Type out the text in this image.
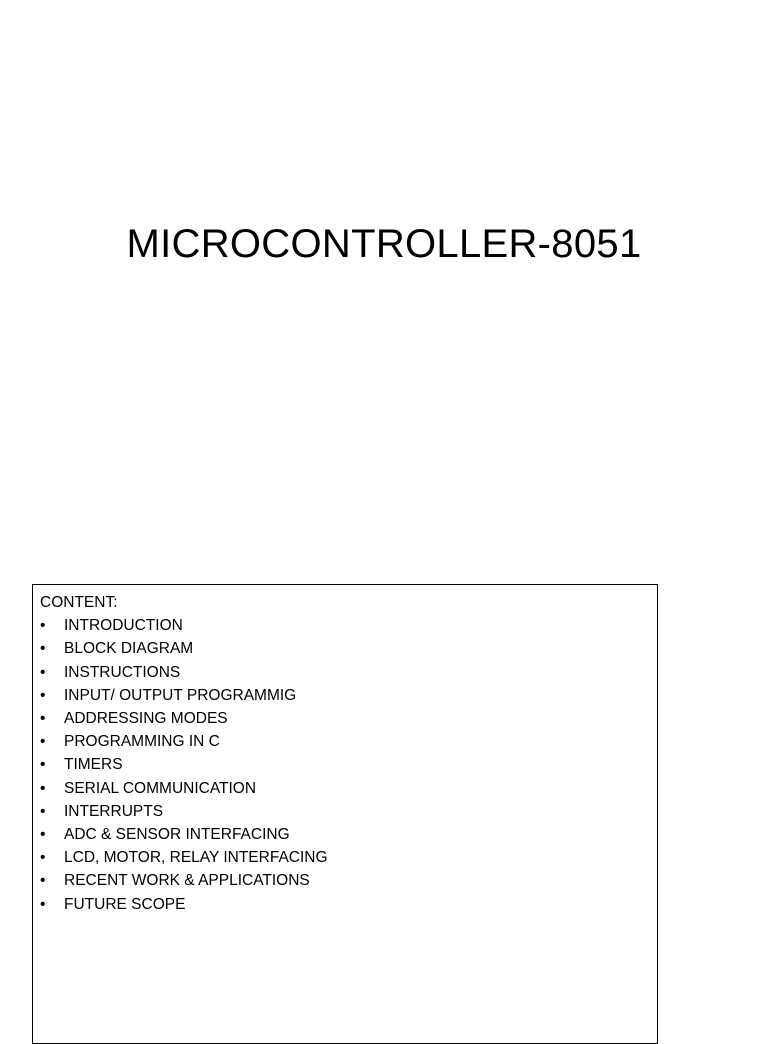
MICROCONTROLLER-8051

CONTENT:

•	INTRODUCTION
•	BLOCK DIAGRAM
•	INSTRUCTIONS
•	INPUT/ OUTPUT PROGRAMMIG
•	ADDRESSING MODES
•	PROGRAMMING IN C
•	TIMERS
•	SERIAL COMMUNICATION
•	INTERRUPTS
•	ADC & SENSOR INTERFACING
•	LCD, MOTOR, RELAY INTERFACING
•	RECENT WORK & APPLICATIONS
•	FUTURE SCOPE
